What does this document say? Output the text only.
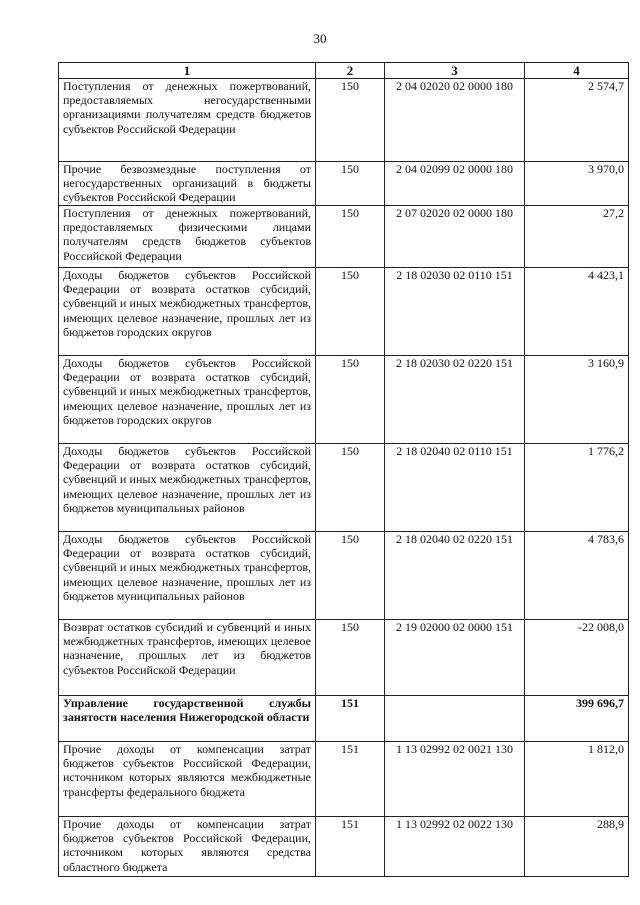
30
1	2	3	4
Поступления от денежных пожертвований, предоставляемых негосударственными организациями получателям средств бюджетов субъектов Российской Федерации	150	2 04 02020 02 0000 180	2 574,7
Прочие безвозмездные поступления от негосударственных организаций в бюджеты субъектов Российской Федерации	150	2 04 02099 02 0000 180	3 970,0
Поступления от денежных пожертвований, предоставляемых физическими лицами получателям средств бюджетов субъектов Российской Федерации	150	2 07 02020 02 0000 180	27,2
Доходы бюджетов субъектов Российской Федерации от возврата остатков субсидий, субвенций и иных межбюджетных трансфертов, имеющих целевое назначение, прошлых лет из бюджетов городских округов	150	2 18 02030 02 0110 151	4 423,1
Доходы бюджетов субъектов Российской Федерации от возврата остатков субсидий, субвенций и иных межбюджетных трансфертов, имеющих целевое назначение, прошлых лет из бюджетов городских округов	150	2 18 02030 02 0220 151	3 160,9
Доходы бюджетов субъектов Российской Федерации от возврата остатков субсидий, субвенций и иных межбюджетных трансфертов, имеющих целевое назначение, прошлых лет из бюджетов муниципальных районов	150	2 18 02040 02 0110 151	1 776,2
Доходы бюджетов субъектов Российской Федерации от возврата остатков субсидий, субвенций и иных межбюджетных трансфертов, имеющих целевое назначение, прошлых лет из бюджетов муниципальных районов	150	2 18 02040 02 0220 151	4 783,6
Возврат остатков субсидий и субвенций и иных межбюджетных трансфертов, имеющих целевое назначение, прошлых лет из бюджетов субъектов Российской Федерации	150	2 19 02000 02 0000 151	-22 008,0
Управление государственной службы занятости населения Нижегородской области	151		399 696,7
Прочие доходы от компенсации затрат бюджетов субъектов Российской Федерации, источником которых являются межбюджетные трансферты федерального бюджета	151	1 13 02992 02 0021 130	1 812,0
Прочие доходы от компенсации затрат бюджетов субъектов Российской Федерации, источником которых являются средства областного бюджета	151	1 13 02992 02 0022 130	288,9
